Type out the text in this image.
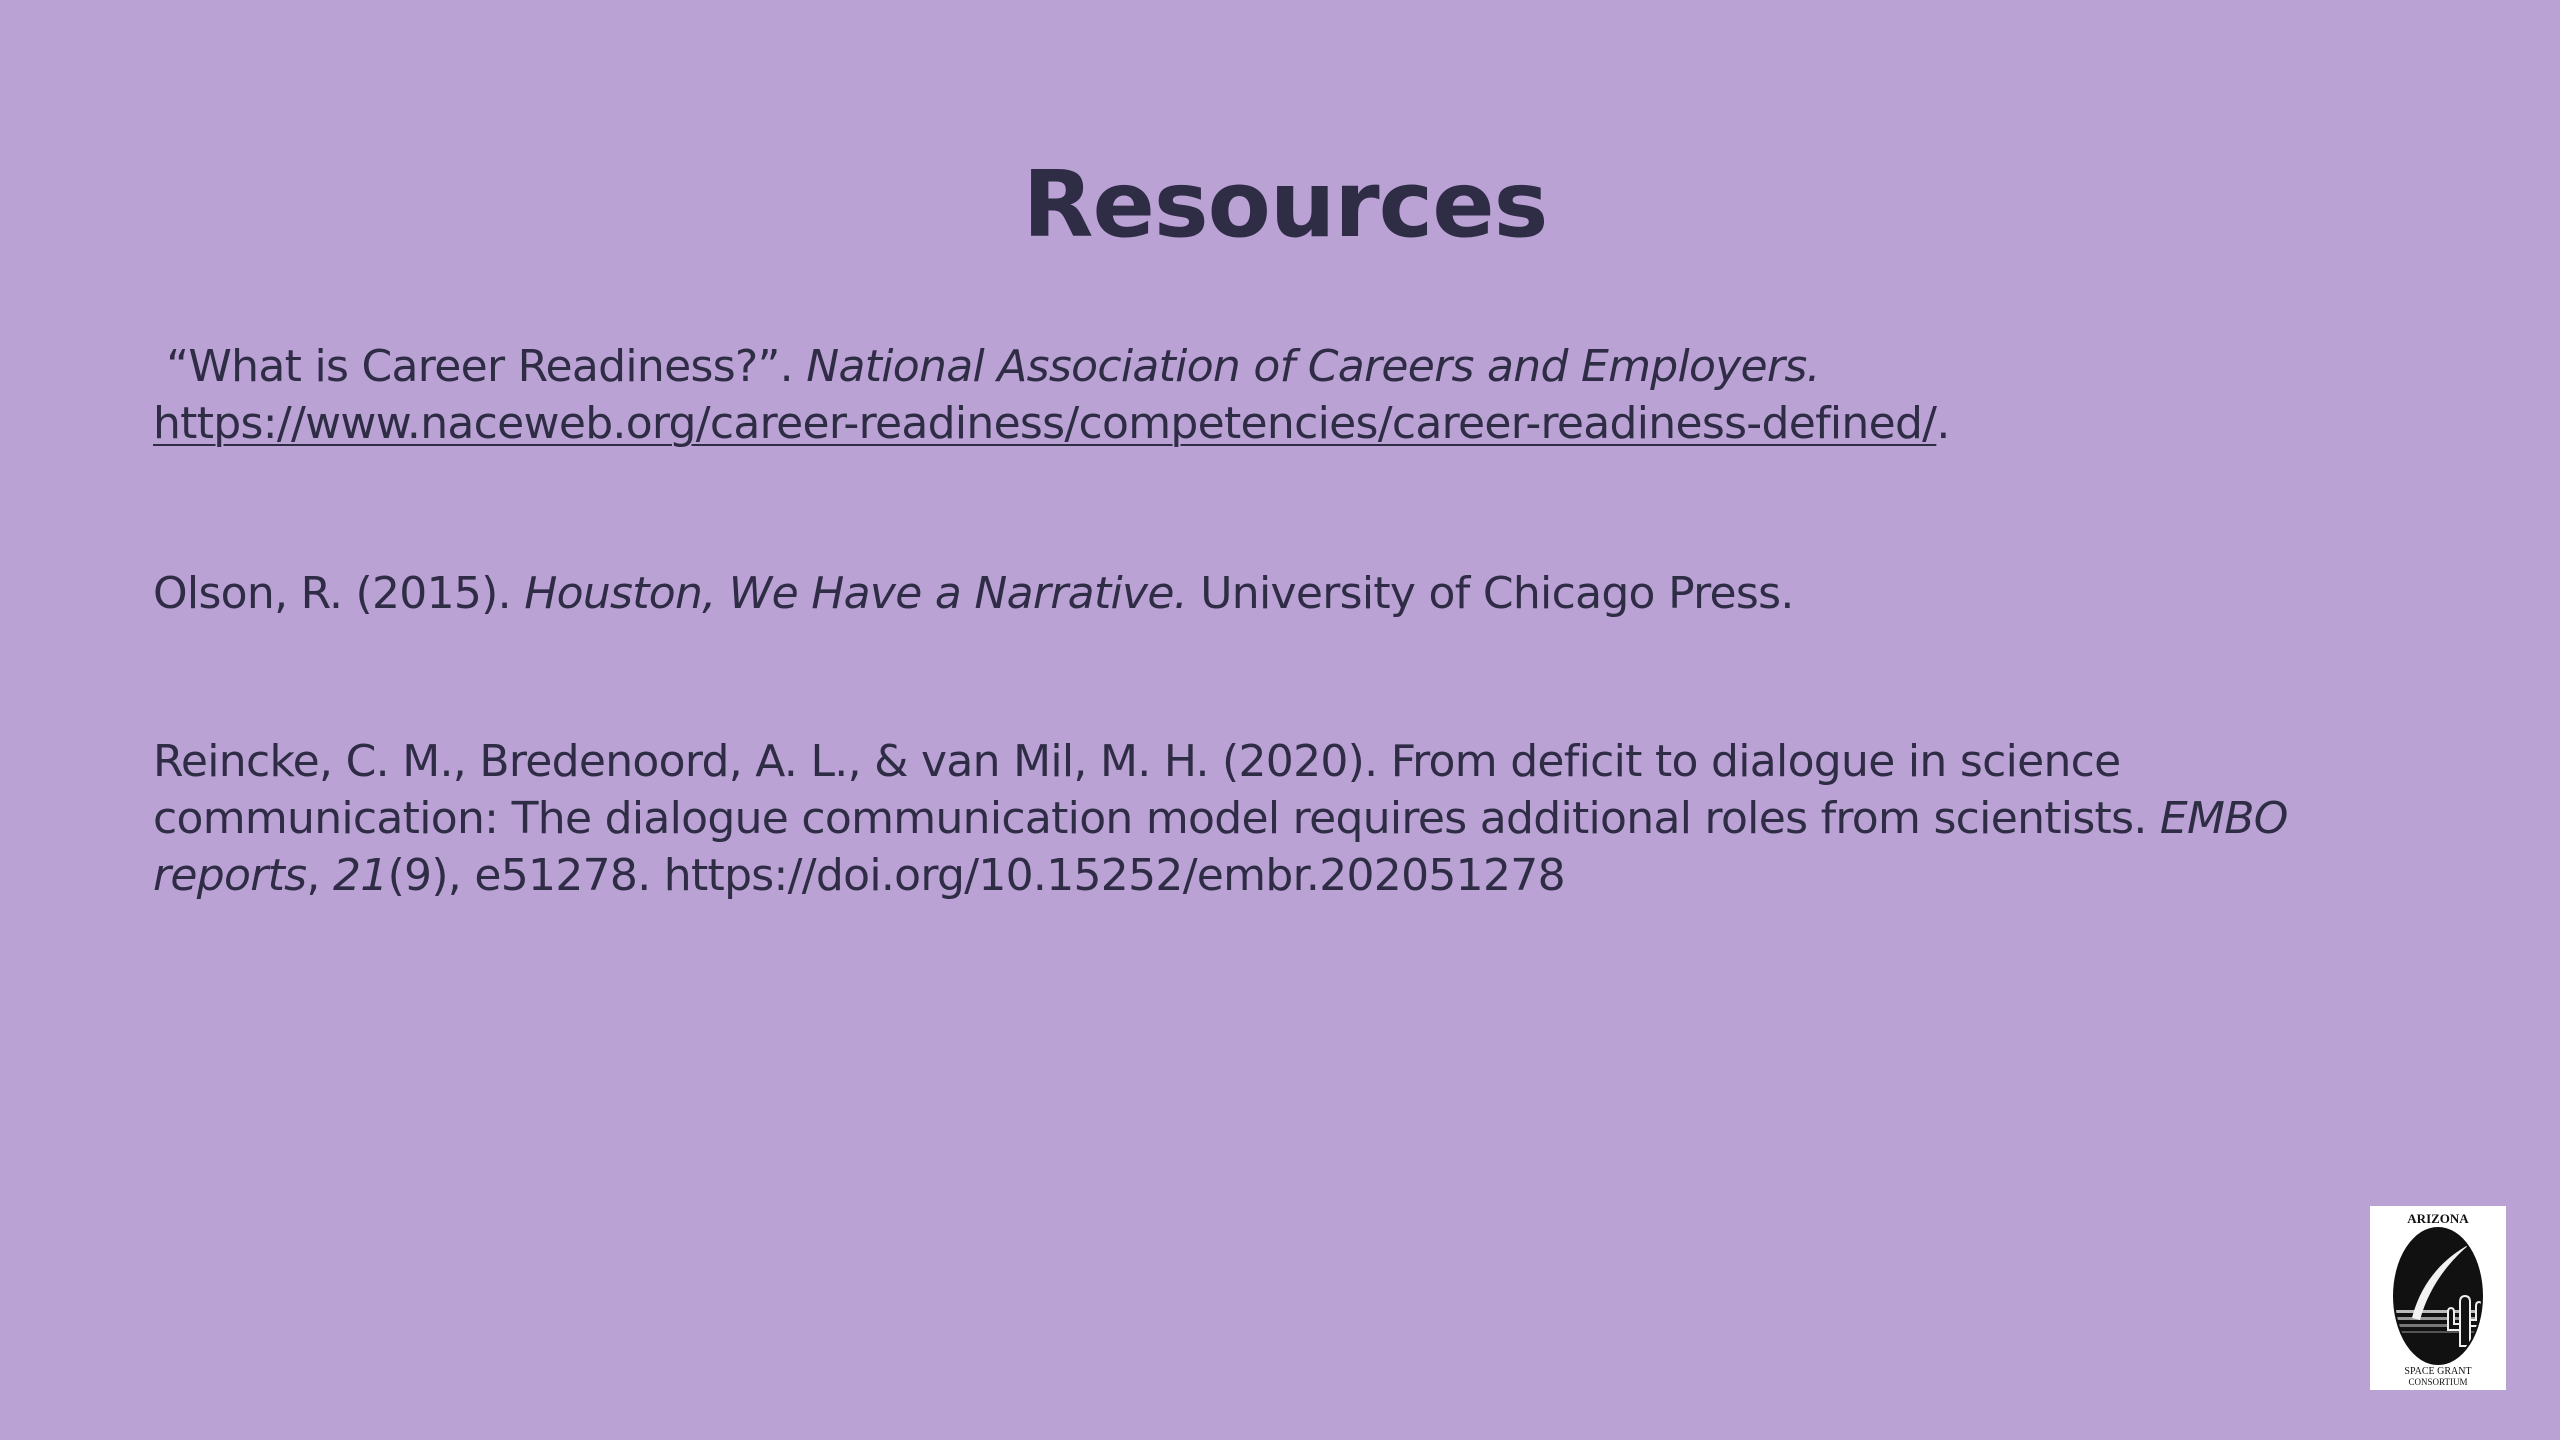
Resources

“What is Career Readiness?”. National Association of Careers and Employers.
https://www.naceweb.org/career-readiness/competencies/career-readiness-defined/.

Olson, R. (2015). Houston, We Have a Narrative. University of Chicago Press.

Reincke, C. M., Bredenoord, A. L., & van Mil, M. H. (2020). From deficit to dialogue in science
communication: The dialogue communication model requires additional roles from scientists. EMBO
reports, 21(9), e51278. https://doi.org/10.15252/embr.202051278

ARIZONA
SPACE GRANT
CONSORTIUM
